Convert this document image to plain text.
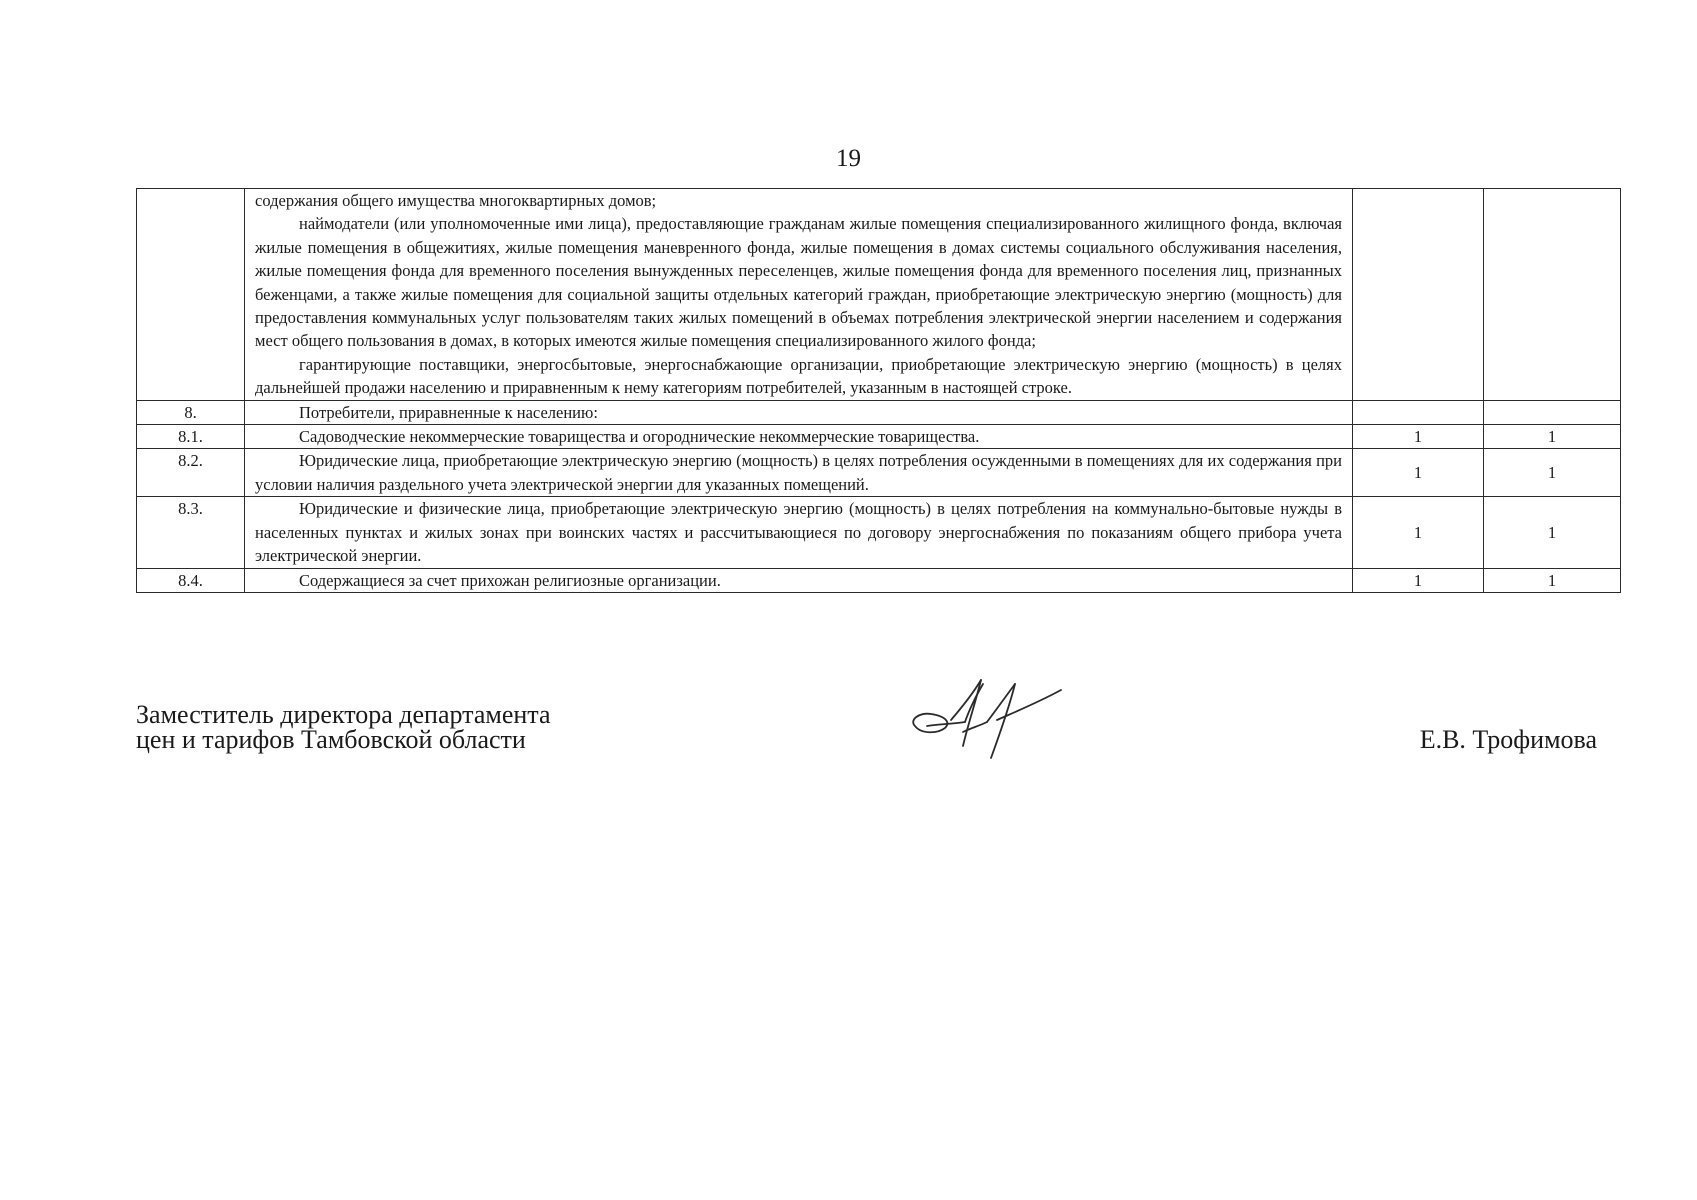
19

	содержания общего имущества многоквартирных домов;

наймодатели (или уполномоченные ими лица), предоставляющие гражданам жилые помещения специализированного жилищного фонда, включая жилые помещения в общежитиях, жилые помещения маневренного фонда, жилые помещения в домах системы социального обслуживания населения, жилые помещения фонда для временного поселения вынужденных переселенцев, жилые помещения фонда для временного поселения лиц, признанных беженцами, а также жилые помещения для социальной защиты отдельных категорий граждан, приобретающие электрическую энергию (мощность) для предоставления коммунальных услуг пользователям таких жилых помещений в объемах потребления электрической энергии населением и содержания мест общего пользования в домах, в которых имеются жилые помещения специализированного жилого фонда;

гарантирующие поставщики, энергосбытовые, энергоснабжающие организации, приобретающие электрическую энергию (мощность) в целях дальнейшей продажи населению и приравненным к нему категориям потребителей, указанным в настоящей строке.		

8.	Потребители, приравненные к населению:		

8.1.	Садоводческие некоммерческие товарищества и огороднические некоммерческие товарищества.	1	1
8.2.	Юридические лица, приобретающие электрическую энергию (мощность) в целях потребления осужденными в помещениях для их содержания при условии наличия раздельного учета электрической энергии для указанных помещений.	1	1
8.3.	Юридические и физические лица, приобретающие электрическую энергию (мощность) в целях потребления на коммунально-бытовые нужды в населенных пунктах и жилых зонах при воинских частях и рассчитывающиеся по договору энергоснабжения по показаниям общего прибора учета электрической энергии.	1	1
8.4.	Содержащиеся за счет прихожан религиозные организации.	1	1
Заместитель директора департамента
цен и тарифов Тамбовской области	Е.В. Трофимова
